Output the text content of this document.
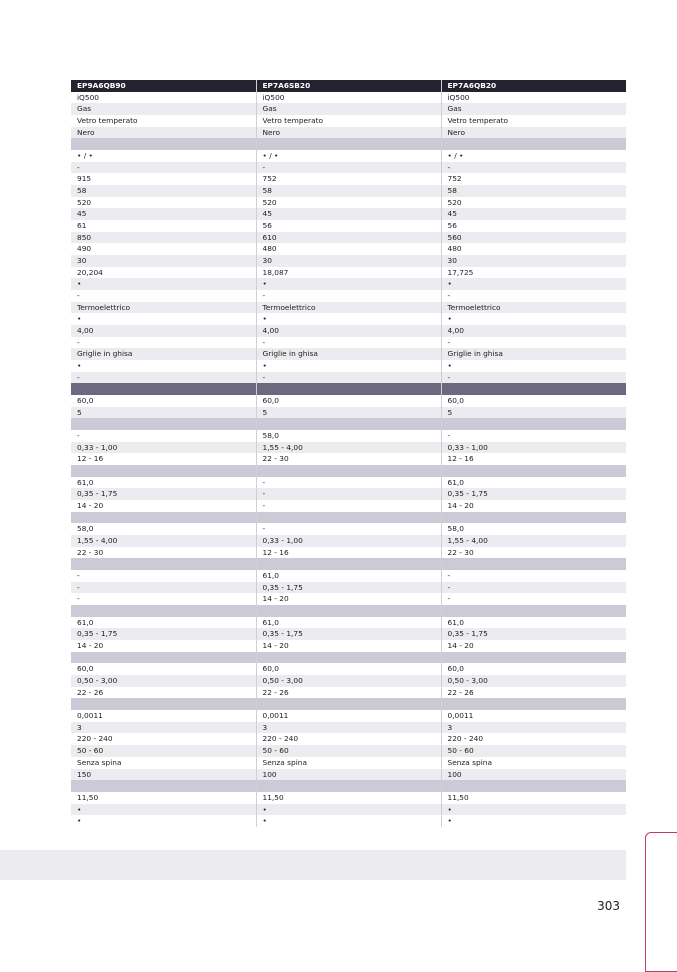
EP9A6QB90	EP7A6SB20	EP7A6QB20
iQ500	iQ500	iQ500
Gas	Gas	Gas
Vetro temperato	Vetro temperato	Vetro temperato
Nero	Nero	Nero

• / •	• / •	• / •
-	-	-
915	752	752
58	58	58
520	520	520
45	45	45
61	56	56
850	610	560
490	480	480
30	30	30
20,204	18,087	17,725
•	•	•
-	-	-
Termoelettrico	Termoelettrico	Termoelettrico
•	•	•
4,00	4,00	4,00
-	-	-
Griglie in ghisa	Griglie in ghisa	Griglie in ghisa
•	•	•
-	-	-

60,0	60,0	60,0
5	5	5

-	58,0	-
0,33 - 1,00	1,55 - 4,00	0,33 - 1,00
12 - 16	22 - 30	12 - 16

61,0	-	61,0
0,35 - 1,75	-	0,35 - 1,75
14 - 20	-	14 - 20

58,0	-	58,0
1,55 - 4,00	0,33 - 1,00	1,55 - 4,00
22 - 30	12 - 16	22 - 30

-	61,0	-
-	0,35 - 1,75	-
-	14 - 20	-

61,0	61,0	61,0
0,35 - 1,75	0,35 - 1,75	0,35 - 1,75
14 - 20	14 - 20	14 - 20

60,0	60,0	60,0
0,50 - 3,00	0,50 - 3,00	0,50 - 3,00
22 - 26	22 - 26	22 - 26

0,0011	0,0011	0,0011
3	3	3
220 - 240	220 - 240	220 - 240
50 - 60	50 - 60	50 - 60
Senza spina	Senza spina	Senza spina
150	100	100

11,50	11,50	11,50
•	•	•
•	•	•
303
